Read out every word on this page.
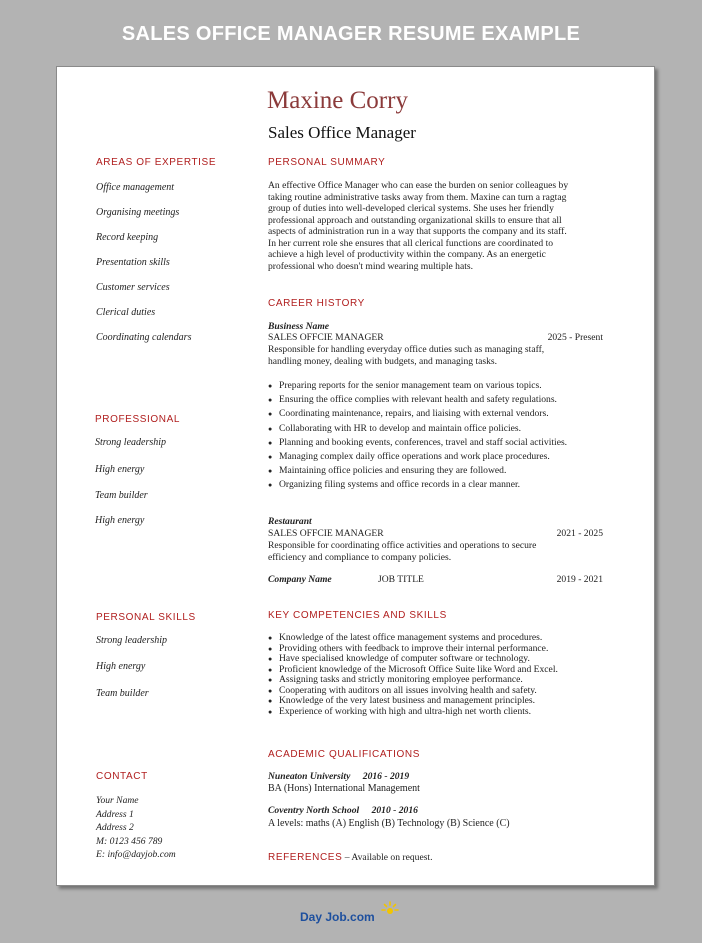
SALES OFFICE MANAGER RESUME EXAMPLE
Maxine Corry
Sales Office Manager
AREAS OF EXPERTISE
Office management
Organising meetings
Record keeping
Presentation skills
Customer services
Clerical duties
Coordinating calendars
PROFESSIONAL
Strong leadership
High energy
Team builder
High energy
PERSONAL SKILLS
Strong leadership
High energy
Team builder
CONTACT
Your Name
Address 1
Address 2
M: 0123 456 789
E: info@dayjob.com
PERSONAL SUMMARY
An effective Office Manager who can ease the burden on senior colleagues by
taking routine administrative tasks away from them. Maxine can turn a ragtag
group of duties into well-developed clerical systems. She uses her friendly
professional approach and outstanding organizational skills to ensure that all
aspects of administration run in a way that supports the company and its staff.
In her current role she ensures that all clerical functions are coordinated to
achieve a high level of productivity within the company. As an energetic
professional who doesn't mind wearing multiple hats.
CAREER HISTORY
Business Name
SALES OFFCIE MANAGER	2025 - Present
Responsible for handling everyday office duties such as managing staff,
handling money, dealing with budgets, and managing tasks.
● Preparing reports for the senior management team on various topics.
● Ensuring the office complies with relevant health and safety regulations.
● Coordinating maintenance, repairs, and liaising with external vendors.
● Collaborating with HR to develop and maintain office policies.
● Planning and booking events, conferences, travel and staff social activities.
● Managing complex daily office operations and work place procedures.
● Maintaining office policies and ensuring they are followed.
● Organizing filing systems and office records in a clear manner.
Restaurant
SALES OFFCIE MANAGER	2021 - 2025
Responsible for coordinating office activities and operations to secure
efficiency and compliance to company policies.
Company Name	JOB TITLE	2019 - 2021
KEY COMPETENCIES AND SKILLS
● Knowledge of the latest office management systems and procedures.
● Providing others with feedback to improve their internal performance.
● Have specialised knowledge of computer software or technology.
● Proficient knowledge of the Microsoft Office Suite like Word and Excel.
● Assigning tasks and strictly monitoring employee performance.
● Cooperating with auditors on all issues involving health and safety.
● Knowledge of the very latest business and management principles.
● Experience of working with high and ultra-high net worth clients.
ACADEMIC QUALIFICATIONS
Nuneaton University 2016 - 2019
BA (Hons) International Management
Coventry North School 2010 - 2016
A levels: maths (A) English (B) Technology (B) Science (C)
REFERENCES – Available on request.
Day Job.com
